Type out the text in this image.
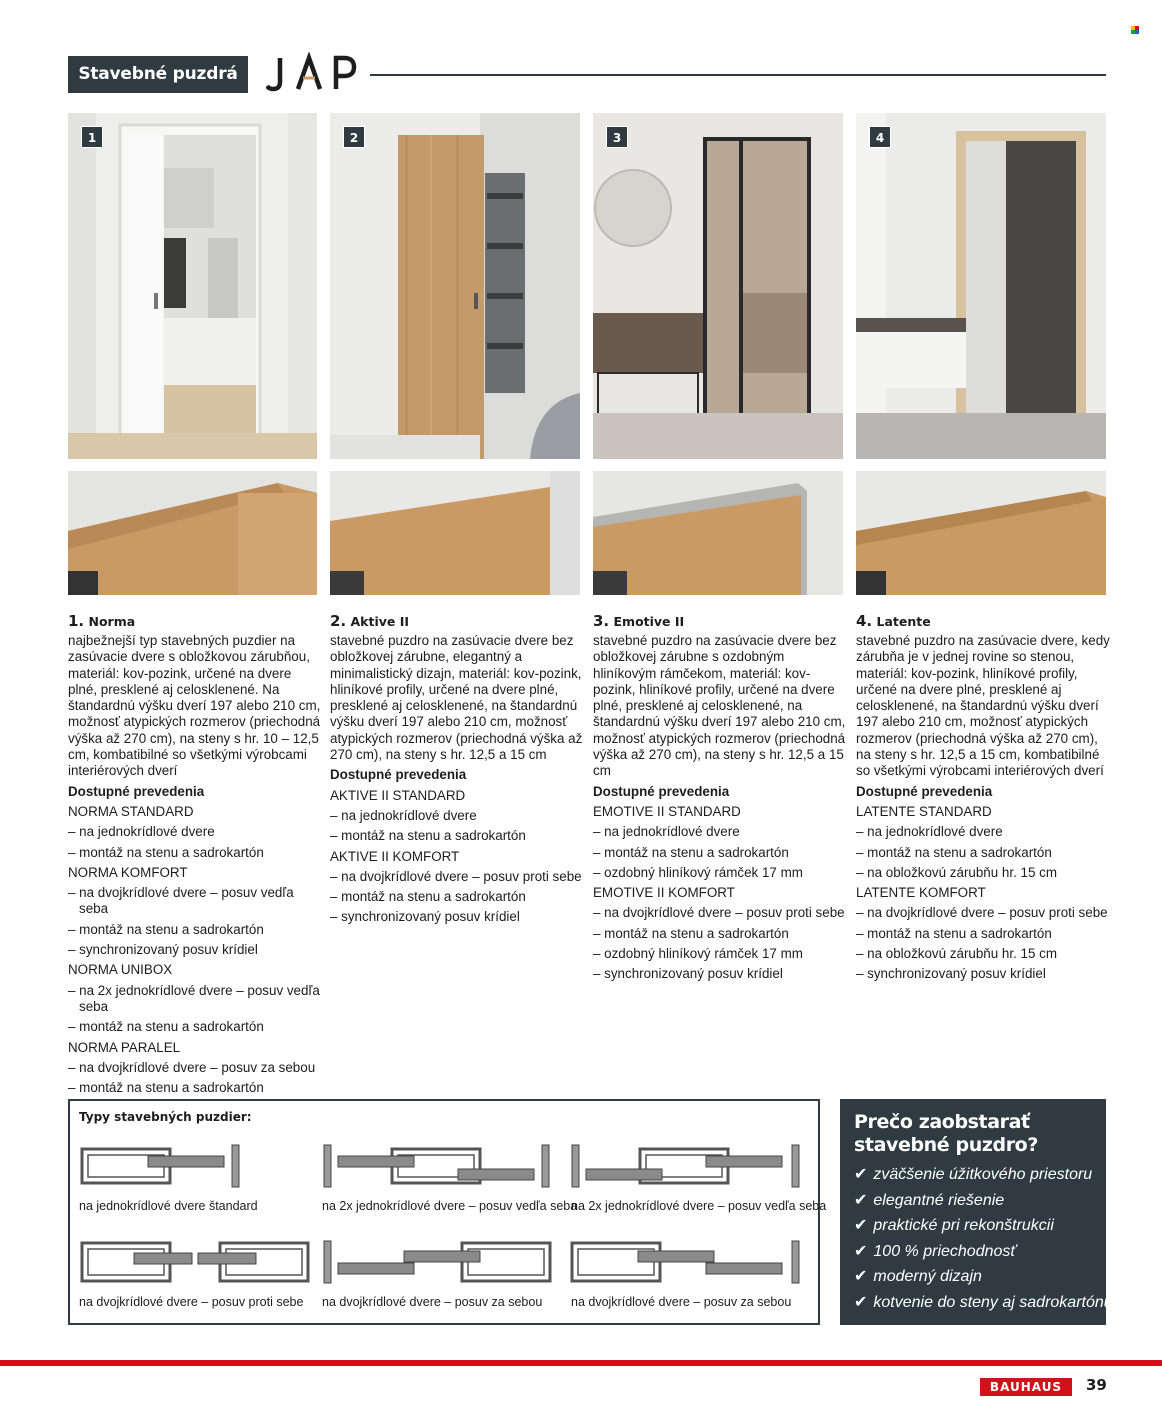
Stavebné puzdrá
1	2	3	4
1. Norma
najbežnejší typ stavebných puzdier na zasúvacie dvere s obložkovou zárubňou, materiál: kov-pozink, určené na dvere plné, presklené aj celosklenené. Na štandardnú výšku dverí 197 alebo 210 cm, možnosť atypických rozmerov (priechodná výška až 270 cm), na steny s hr. 10 – 12,5 cm, kombatibilné so všetkými výrobcami interiérových dverí
Dostupné prevedenia
NORMA STANDARD
– na jednokrídlové dvere
– montáž na stenu a sadrokartón
NORMA KOMFORT
– na dvojkrídlové dvere – posuv vedľa seba
– montáž na stenu a sadrokartón
– synchronizovaný posuv krídiel
NORMA UNIBOX
– na 2x jednokrídlové dvere – posuv vedľa seba
– montáž na stenu a sadrokartón
NORMA PARALEL
– na dvojkrídlové dvere – posuv za sebou
– montáž na stenu a sadrokartón
2. Aktive II
stavebné puzdro na zasúvacie dvere bez obložkovej zárubne, elegantný a minimalistický dizajn, materiál: kov-pozink, hliníkové profily, určené na dvere plné, presklené aj celosklenené, na štandardnú výšku dverí 197 alebo 210 cm, možnosť atypických rozmerov (priechodná výška až 270 cm), na steny s hr. 12,5 a 15 cm
Dostupné prevedenia
AKTIVE II STANDARD
– na jednokrídlové dvere
– montáž na stenu a sadrokartón
AKTIVE II KOMFORT
– na dvojkrídlové dvere – posuv proti sebe
– montáž na stenu a sadrokartón
– synchronizovaný posuv krídiel
3. Emotive II
stavebné puzdro na zasúvacie dvere bez obložkovej zárubne s ozdobným hliníkovým rámčekom, materiál: kov-pozink, hliníkové profily, určené na dvere plné, presklené aj celosklenené, na štandardnú výšku dverí 197 alebo 210 cm, možnosť atypických rozmerov (priechodná výška až 270 cm), na steny s hr. 12,5 a 15 cm
Dostupné prevedenia
EMOTIVE II STANDARD
– na jednokrídlové dvere
– montáž na stenu a sadrokartón
– ozdobný hliníkový rámček 17 mm
EMOTIVE II KOMFORT
– na dvojkrídlové dvere – posuv proti sebe
– montáž na stenu a sadrokartón
– ozdobný hliníkový rámček 17 mm
– synchronizovaný posuv krídiel
4. Latente
stavebné puzdro na zasúvacie dvere, kedy zárubňa je v jednej rovine so stenou, materiál: kov-pozink, hliníkové profily, určené na dvere plné, presklené aj celosklenené, na štandardnú výšku dverí 197 alebo 210 cm, možnosť atypických rozmerov (priechodná výška až 270 cm), na steny s hr. 12,5 a 15 cm, kombatibilné so všetkými výrobcami interiérových dverí
Dostupné prevedenia
LATENTE STANDARD
– na jednokrídlové dvere
– montáž na stenu a sadrokartón
– na obložkovú zárubňu hr. 15 cm
LATENTE KOMFORT
– na dvojkrídlové dvere – posuv proti sebe
– montáž na stenu a sadrokartón
– na obložkovú zárubňu hr. 15 cm
– synchronizovaný posuv krídiel
Typy stavebných puzdier:
na jednokrídlové dvere štandard	na 2x jednokrídlové dvere – posuv vedľa seba
na 2x jednokrídlové dvere – posuv vedľa seba
na dvojkrídlové dvere – posuv proti sebe na dvojkrídlové dvere – posuv za sebou na dvojkrídlové dvere – posuv za sebou
Prečo zaobstarať stavebné puzdro?
✔ zväčšenie úžitkového priestoru
✔ elegantné riešenie
✔ praktické pri rekonštrukcii
✔ 100 % priechodnosť
✔ moderný dizajn
✔ kotvenie do steny aj sadrokartónu
BAUHAUS	39
